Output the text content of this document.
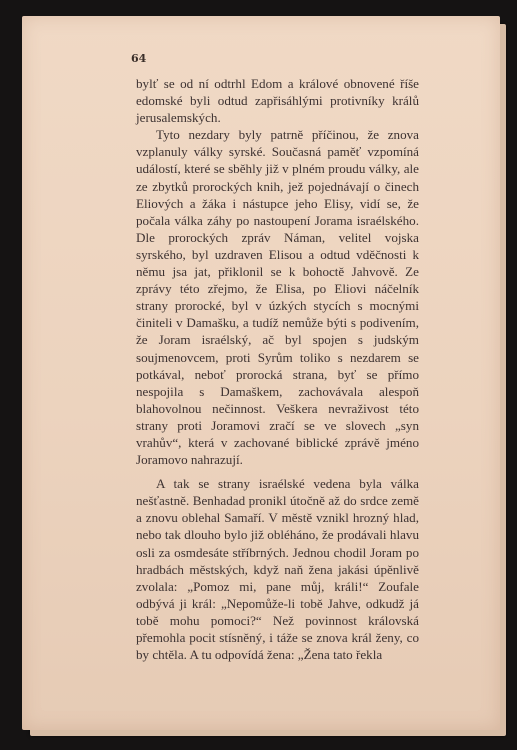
64

bylť se od ní odtrhl Edom a králové obnovené říše edomské byli odtud zapřisáhlými protivníky králů jerusalemských.

Tyto nezdary byly patrně příčinou, že znova vzplanuly války syrské. Současná paměť vzpomíná událostí, které se sběhly již v plném proudu války, ale ze zbytků prorockých knih, jež pojednávají o činech Eliových a žáka i nástupce jeho Elisy, vidí se, že počala válka záhy po nastoupení Jorama israélského. Dle prorockých zpráv Náman, velitel vojska syrského, byl uzdraven Elisou a odtud vděčnosti k němu jsa jat, přiklonil se k bohoctě Jahvově. Ze zprávy této zřejmo, že Elisa, po Eliovi náčelník strany prorocké, byl v úzkých stycích s mocnými činiteli v Damašku, a tudíž nemůže býti s podivením, že Joram israélský, ač byl spojen s judským soujmenovcem, proti Syrům toliko s nezdarem se potkával, neboť prorocká strana, byť se přímo nespojila s Damaškem, zachovávala alespoň blahovolnou nečinnost. Veškera nevraživost této strany proti Joramovi zračí se ve slovech „syn vrahův“, která v zachované biblické zprávě jméno Joramovo nahrazují.

A tak se strany israélské vedena byla válka nešťastně. Benhadad pronikl útočně až do srdce země a znovu oblehal Samaří. V městě vznikl hrozný hlad, nebo tak dlouho bylo již obléháno, že prodávali hlavu osli za osmdesáte stříbrných. Jednou chodil Joram po hradbách městských, když naň žena jakási úpěnlivě zvolala: „Pomoz mi, pane můj, králi!“ Zoufale odbývá ji král: „Nepomůže-li tobě Jahve, odkudž já tobě mohu pomoci?“ Než povinnost královská přemohla pocit stísněný, i táže se znova král ženy, co by chtěla. A tu odpovídá žena: „Žena tato řekla
